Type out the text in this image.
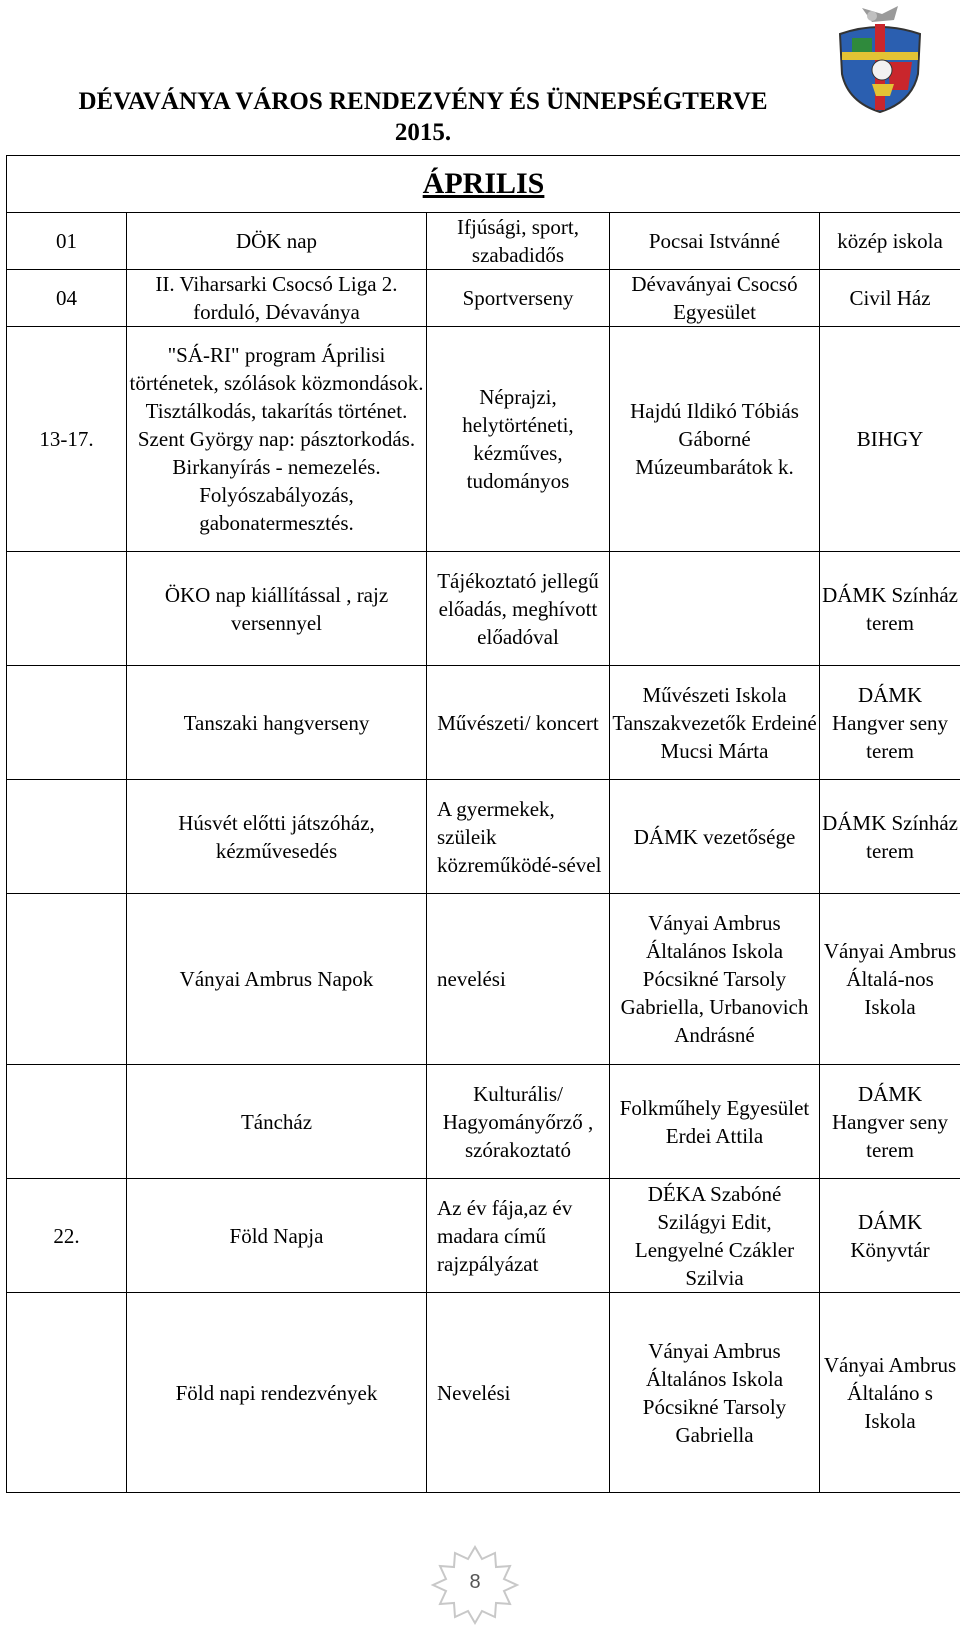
DÉVAVÁNYA VÁROS RENDEZVÉNY ÉS ÜNNEPSÉGTERVE
2015.
ÁPRILIS				
01	DÖK nap	Ifjúsági, sport, szabadidős	Pocsai Istvánné	közép iskola
04	II. Viharsarki Csocsó Liga 2. forduló, Dévaványa	Sportverseny	Dévaványai Csocsó Egyesület	Civil Ház
13-17.	"SÁ-RI" program Áprilisi történetek, szólások közmondások. Tisztálkodás, takarítás történet. Szent György nap: pásztorkodás. Birkanyírás - nemezelés. Folyószabályozás, gabonatermesztés.	Néprajzi, helytörténeti, kézműves, tudományos	Hajdú Ildikó Tóbiás Gáborné Múzeumbarátok k.	BIHGY
	ÖKO nap kiállítással , rajz versennyel	Tájékoztató jellegű előadás, meghívott előadóval		DÁMK Színház terem
	Tanszaki hangverseny	Művészeti/ koncert	Művészeti Iskola Tanszakvezetők Erdeiné Mucsi Márta	DÁMK Hangver seny terem
	Húsvét előtti játszóház, kézművesedés	A gyermekek, szüleik közreműködé-sével	DÁMK vezetősége	DÁMK Színház terem
	Ványai Ambrus Napok	nevelési	Ványai Ambrus Általános Iskola Pócsikné Tarsoly Gabriella, Urbanovich Andrásné	Ványai Ambrus Általá-nos Iskola
	Táncház	Kulturális/ Hagyományőrző , szórakoztató	Folkműhely Egyesület Erdei Attila	DÁMK Hangver seny terem
22.	Föld Napja	Az év fája,az év madara című rajzpályázat	DÉKA Szabóné Szilágyi Edit, Lengyelné Czákler Szilvia	DÁMK Könyvtár
	Föld napi rendezvények	Nevelési	Ványai Ambrus Általános Iskola Pócsikné Tarsoly Gabriella	Ványai Ambrus Általáno s Iskola
8
